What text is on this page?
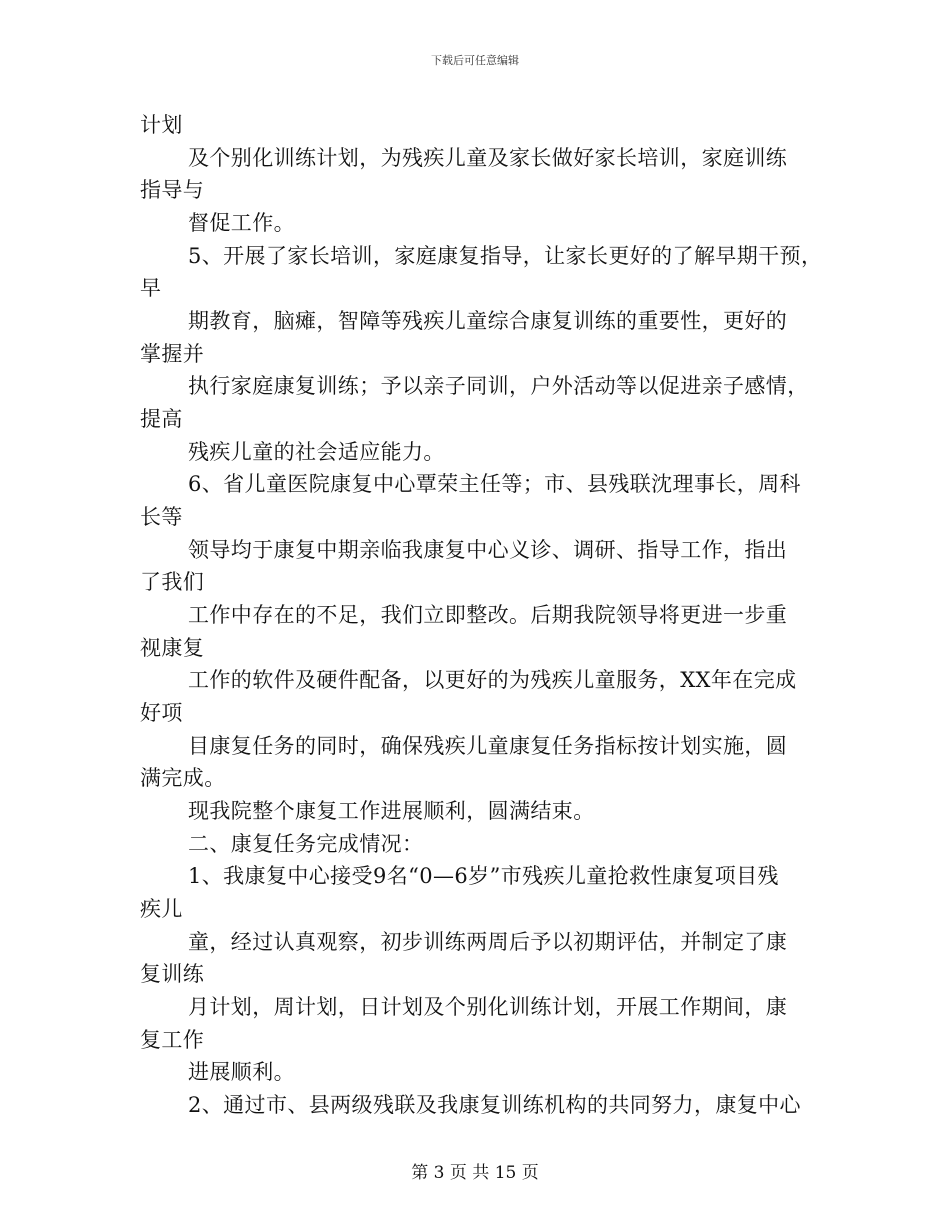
下载后可任意编辑
计划
及个别化训练计划，为残疾儿童及家长做好家长培训，家庭训练
指导与
督促工作。
5、开展了家长培训，家庭康复指导，让家长更好的了解早期干预，
早
期教育，脑瘫，智障等残疾儿童综合康复训练的重要性，更好的
掌握并
执行家庭康复训练；予以亲子同训，户外活动等以促进亲子感情，
提高
残疾儿童的社会适应能力。
6、省儿童医院康复中心覃荣主任等；市、县残联沈理事长，周科
长等
领导均于康复中期亲临我康复中心义诊、调研、指导工作，指出
了我们
工作中存在的不足，我们立即整改。后期我院领导将更进一步重
视康复
工作的软件及硬件配备，以更好的为残疾儿童服务，XX年在完成
好项
目康复任务的同时，确保残疾儿童康复任务指标按计划实施，圆
满完成。
现我院整个康复工作进展顺利，圆满结束。
二、康复任务完成情况：
1、我康复中心接受9名“0—6岁”市残疾儿童抢救性康复项目残
疾儿
童，经过认真观察，初步训练两周后予以初期评估，并制定了康
复训练
月计划，周计划，日计划及个别化训练计划，开展工作期间，康
复工作
进展顺利。
2、通过市、县两级残联及我康复训练机构的共同努力，康复中心
第 3 页 共 15 页
